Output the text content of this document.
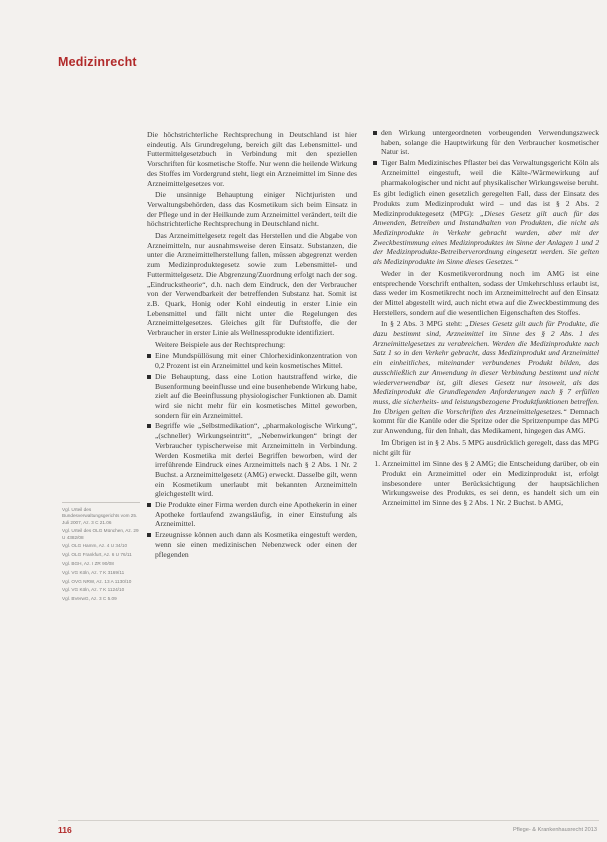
Medizinrecht

Die höchstrichterliche Rechtsprechung in Deutschland ist hier eindeutig. Als Grundregelung, bereich gilt das Lebensmittel- und Futtermittelgesetzbuch in Verbindung mit den speziellen Vorschriften für kosmetische Stoffe. Nur wenn die heilende Wirkung des Stoffes im Vordergrund steht, liegt ein Arzneimittel im Sinne des Arzneimittelgesetzes vor.

Die unsinnige Behauptung einiger Nichtjuristen und Verwaltungsbehörden, dass das Kosmetikum sich beim Einsatz in der Pflege und in der Heilkunde zum Arzneimittel verändert, teilt die höchstrichterliche Rechtsprechung in Deutschland nicht.

Das Arzneimittelgesetz regelt das Herstellen und die Abgabe von Arzneimitteln, nur ausnahmsweise deren Einsatz. Substanzen, die unter die Arzneimittelherstellung fallen, müssen abgegrenzt werden zum Medizinproduktegesetz sowie zum Lebensmittel- und Futtermittelgesetz. Die Abgrenzung/Zuordnung erfolgt nach der sog. „Eindruckstheorie“, d.h. nach dem Eindruck, den der Verbraucher von der Verwendbarkeit der betreffenden Substanz hat. Somit ist z.B. Quark, Honig oder Kohl eindeutig in erster Linie ein Lebensmittel und fällt nicht unter die Regelungen des Arzneimittelgesetzes. Gleiches gilt für Duftstoffe, die der Verbraucher in erster Linie als Wellnessprodukte identifiziert.

Weitere Beispiele aus der Rechtsprechung:

Eine Mundspüllösung mit einer Chlorhexidinkonzentration von 0,2 Prozent ist ein Arzneimittel und kein kosmetisches Mittel.
Die Behauptung, dass eine Lotion hautstraffend wirke, die Busenformung beeinflusse und eine busenhebende Wirkung habe, zielt auf die Beeinflussung physiologischer Funktionen ab. Damit wird sie nicht mehr für ein kosmetisches Mittel geworben, sondern für ein Arzneimittel.
Begriffe wie „Selbstmedikation“, „pharmakologische Wirkung“, „(schneller) Wirkungseintritt“, „Nebenwirkungen“ bringt der Verbraucher typischerweise mit Arzneimitteln in Verbindung. Werden Kosmetika mit derlei Begriffen beworben, wird der irreführende Eindruck eines Arzneimittels nach § 2 Abs. 1 Nr. 2 Buchst. a Arzneimittelgesetz (AMG) erweckt. Dasselbe gilt, wenn ein Kosmetikum unerlaubt mit bekannten Arzneimitteln gleichgestellt wird.
Die Produkte einer Firma werden durch eine Apothekerin in einer Apotheke fortlaufend zwangsläufig, in einer Einstufung als Arzneimittel.
Erzeugnisse können auch dann als Kosmetika eingestuft werden, wenn sie einen medizinischen Nebenzweck oder einen der pflegenden
den Wirkung untergeordneten vorbeugenden Verwendungszweck haben, solange die Hauptwirkung für den Verbraucher kosmetischer Natur ist.
Tiger Balm Medizinisches Pflaster bei das Verwaltungsgericht Köln als Arzneimittel eingestuft, weil die Kälte-/Wärmewirkung auf pharmakologischer und nicht auf physikalischer Wirkungsweise beruht.

Es gibt lediglich einen gesetzlich geregelten Fall, dass der Einsatz des Produkts zum Medizinprodukt wird – und das ist § 2 Abs. 2 Medizinproduktegesetz (MPG): „Dieses Gesetz gilt auch für das Anwenden, Betreiben und Instandhalten von Produkten, die nicht als Medizinprodukte in Verkehr gebracht wurden, aber mit der Zweckbestimmung eines Medizinproduktes im Sinne der Anlagen 1 und 2 der Medizinprodukte-Betreiberverordnung eingesetzt werden. Sie gelten als Medizinprodukte im Sinne dieses Gesetzes.“

Weder in der Kosmetikverordnung noch im AMG ist eine entsprechende Vorschrift enthalten, sodass der Umkehrschluss erlaubt ist, dass weder im Kosmetikrecht noch im Arzneimittelrecht auf den Einsatz der Mittel abgestellt wird, auch nicht etwa auf die Zweckbestimmung des Herstellers, sondern auf die wesentlichen Eigenschaften des Stoffes.

In § 2 Abs. 3 MPG steht: „Dieses Gesetz gilt auch für Produkte, die dazu bestimmt sind, Arzneimittel im Sinne des § 2 Abs. 1 des Arzneimittelgesetzes zu verabreichen. Werden die Medizinprodukte nach Satz 1 so in den Verkehr gebracht, dass Medizinprodukt und Arzneimittel ein einheitliches, miteinander verbundenes Produkt bilden, das ausschließlich zur Anwendung in dieser Verbindung bestimmt und nicht wiederverwendbar ist, gilt dieses Gesetz nur insoweit, als das Medizinprodukt die Grundlegenden Anforderungen nach § 7 erfüllen muss, die sicherheits- und leistungsbezogene Produktfunktionen betreffen. Im Übrigen gelten die Vorschriften des Arzneimittelgesetzes.“ Demnach kommt für die Kanüle oder die Spritze oder die Spritzenpumpe das MPG zur Anwendung, für den Inhalt, das Medikament, hingegen das AMG.

Im Übrigen ist in § 2 Abs. 5 MPG ausdrücklich geregelt, dass das MPG nicht gilt für

1. Arzneimittel im Sinne des § 2 AMG; die Entscheidung darüber, ob ein Produkt ein Arzneimittel oder ein Medizinprodukt ist, erfolgt insbesondere unter Berücksichtigung der hauptsächlichen Wirkungsweise des Produkts, es sei denn, es handelt sich um ein Arzneimittel im Sinne des § 2 Abs. 1 Nr. 2 Buchst. b AMG,
Vgl. Urteil des Bundesverwaltungsgerichts vom 25. Juli 2007, Az. 3 C 21.06
Vgl. Urteil des OLG München, Az. 29 U 4382/08
Vgl. OLG Hamm, Az. 4 U 34/10
Vgl. OLG Frankfurt, Az. 6 U 76/11
Vgl. BGH, Az. I ZR 90/08
Vgl. VG Köln, Az. 7 K 3169/11
Vgl. OVG NRW, Az. 13 A 1130/10
Vgl. VG Köln, Az. 7 K 1124/10
Vgl. BVerwG, Az. 3 C 5.09
116	Pflege- & Krankenhausrecht 2013
